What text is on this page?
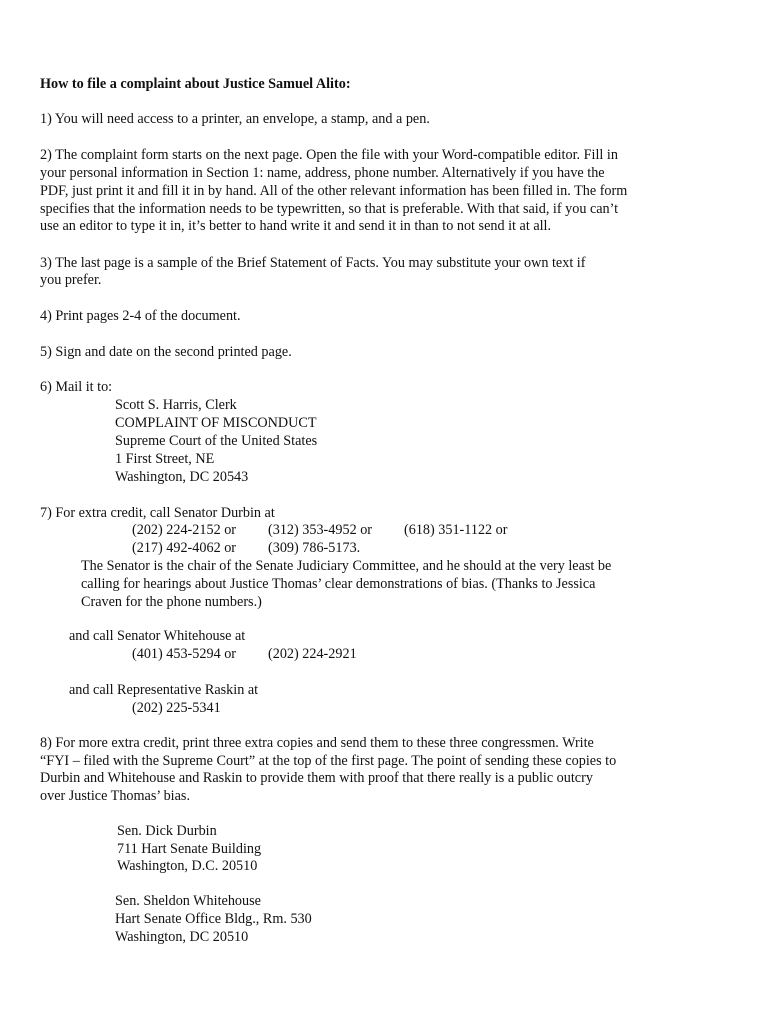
How to file a complaint about Justice Samuel Alito:
1) You will need access to a printer, an envelope, a stamp, and a pen.
2) The complaint form starts on the next page. Open the file with your Word-compatible editor. Fill in
your personal information in Section 1: name, address, phone number. Alternatively if you have the
PDF, just print it and fill it in by hand. All of the other relevant information has been filled in. The form
specifies that the information needs to be typewritten, so that is preferable. With that said, if you can’t
use an editor to type it in, it’s better to hand write it and send it in than to not send it at all.
3) The last page is a sample of the Brief Statement of Facts. You may substitute your own text if
you prefer.
4) Print pages 2-4 of the document.
5) Sign and date on the second printed page.
6) Mail it to:
Scott S. Harris, Clerk
COMPLAINT OF MISCONDUCT
Supreme Court of the United States
1 First Street, NE
Washington, DC 20543
7) For extra credit, call Senator Durbin at
(202) 224-2152 or (312) 353-4952 or (618) 351-1122 or
(217) 492-4062 or (309) 786-5173.
The Senator is the chair of the Senate Judiciary Committee, and he should at the very least be
calling for hearings about Justice Thomas’ clear demonstrations of bias. (Thanks to Jessica
Craven for the phone numbers.)
and call Senator Whitehouse at
(401) 453-5294 or (202) 224-2921
and call Representative Raskin at
(202) 225-5341
8) For more extra credit, print three extra copies and send them to these three congressmen. Write
“FYI – filed with the Supreme Court” at the top of the first page. The point of sending these copies to
Durbin and Whitehouse and Raskin to provide them with proof that there really is a public outcry
over Justice Thomas’ bias.
Sen. Dick Durbin
711 Hart Senate Building
Washington, D.C. 20510
Sen. Sheldon Whitehouse
Hart Senate Office Bldg., Rm. 530
Washington, DC 20510
